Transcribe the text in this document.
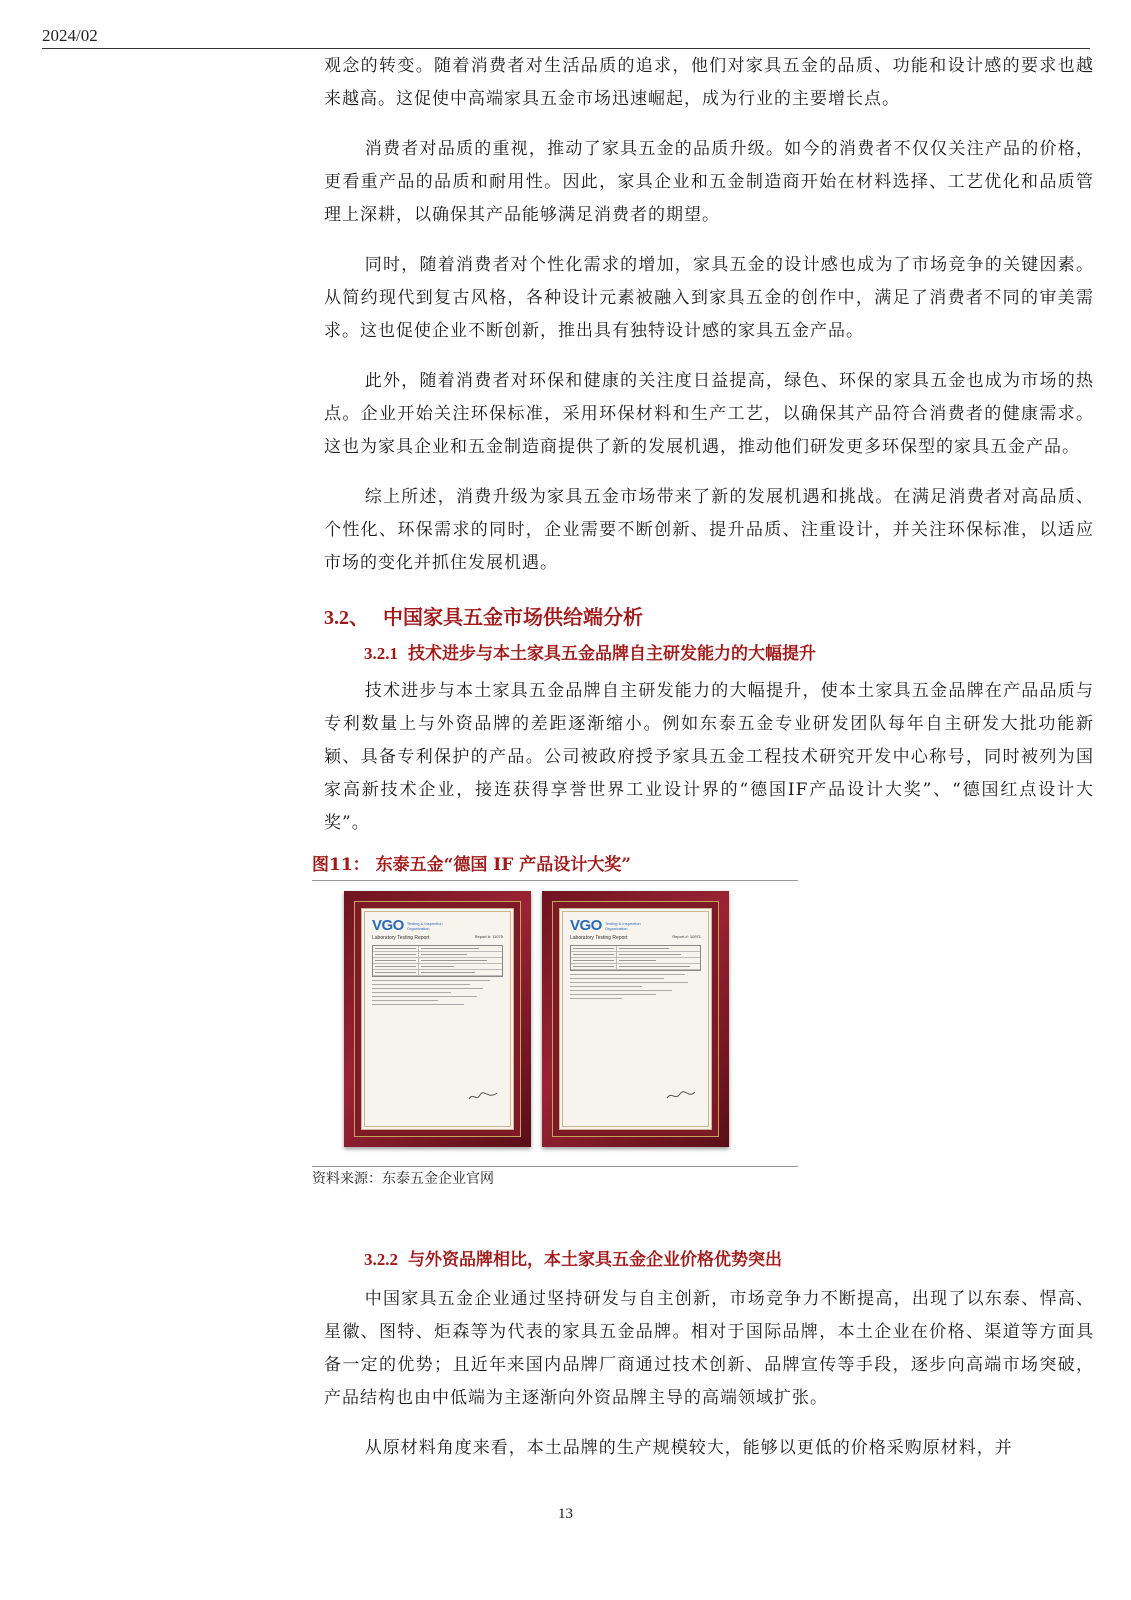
2024/02

观念的转变。随着消费者对生活品质的追求，他们对家具五金的品质、功能和设计感的要求也越来越高。这促使中高端家具五金市场迅速崛起，成为行业的主要增长点。

消费者对品质的重视，推动了家具五金的品质升级。如今的消费者不仅仅关注产品的价格，更看重产品的品质和耐用性。因此，家具企业和五金制造商开始在材料选择、工艺优化和品质管理上深耕，以确保其产品能够满足消费者的期望。

同时，随着消费者对个性化需求的增加，家具五金的设计感也成为了市场竞争的关键因素。从简约现代到复古风格，各种设计元素被融入到家具五金的创作中，满足了消费者不同的审美需求。这也促使企业不断创新，推出具有独特设计感的家具五金产品。

此外，随着消费者对环保和健康的关注度日益提高，绿色、环保的家具五金也成为市场的热点。企业开始关注环保标准，采用环保材料和生产工艺，以确保其产品符合消费者的健康需求。这也为家具企业和五金制造商提供了新的发展机遇，推动他们研发更多环保型的家具五金产品。

综上所述，消费升级为家具五金市场带来了新的发展机遇和挑战。在满足消费者对高品质、个性化、环保需求的同时，企业需要不断创新、提升品质、注重设计，并关注环保标准，以适应市场的变化并抓住发展机遇。

3.2、 中国家具五金市场供给端分析

3.2.1 技术进步与本土家具五金品牌自主研发能力的大幅提升

技术进步与本土家具五金品牌自主研发能力的大幅提升，使本土家具五金品牌在产品品质与专利数量上与外资品牌的差距逐渐缩小。例如东泰五金专业研发团队每年自主研发大批功能新颖、具备专利保护的产品。公司被政府授予家具五金工程技术研究开发中心称号，同时被列为国家高新技术企业，接连获得享誉世界工业设计界的“德国IF产品设计大奖”、“德国红点设计大奖”。

图11： 东泰五金“德国 IF 产品设计大奖”

VGO Testing & Inspection
Organization
Laboratory Testing Report	Report #: 11075
VGO Testing & Inspection
Organization
Laboratory Testing Report	Report #: 10971

资料来源：东泰五金企业官网

3.2.2 与外资品牌相比，本土家具五金企业价格优势突出

中国家具五金企业通过坚持研发与自主创新，市场竞争力不断提高，出现了以东泰、悍高、星徽、图特、炬森等为代表的家具五金品牌。相对于国际品牌，本土企业在价格、渠道等方面具备一定的优势；且近年来国内品牌厂商通过技术创新、品牌宣传等手段，逐步向高端市场突破，产品结构也由中低端为主逐渐向外资品牌主导的高端领域扩张。

从原材料角度来看，本土品牌的生产规模较大，能够以更低的价格采购原材料，并

13
